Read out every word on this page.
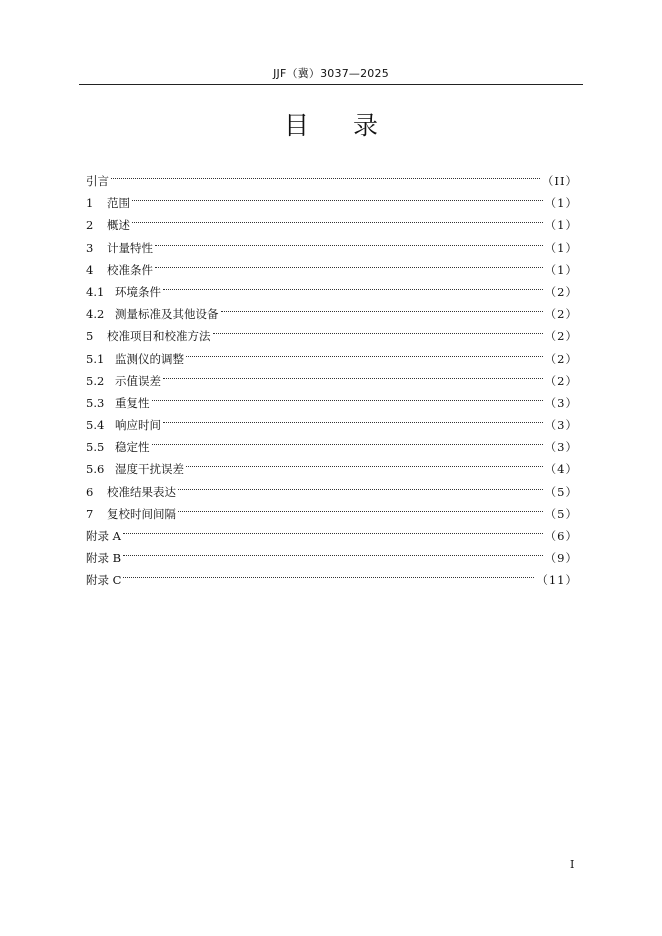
JJF（冀）3037—2025
目录
引言	（II）
1	范围	（1）
2	概述	（1）
3	计量特性	（1）
4	校准条件	（1）
4.1 环境条件	（2）
4.2 测量标准及其他设备	（2）
5	校准项目和校准方法	（2）
5.1 监测仪的调整	（2）
5.2 示值误差	（2）
5.3 重复性	（3）
5.4 响应时间	（3）
5.5 稳定性	（3）
5.6 湿度干扰误差	（4）
6	校准结果表达	（5）
7	复校时间间隔	（5）
附录 A	（6）
附录 B	（9）
附录 C	（11）
I
